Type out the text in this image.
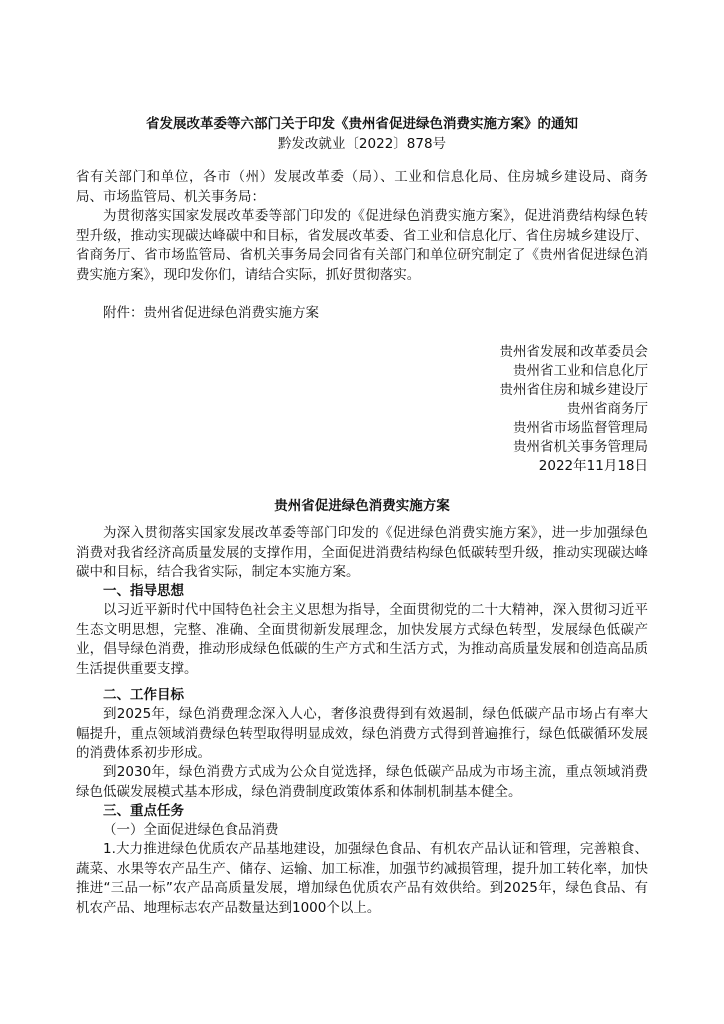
省发展改革委等六部门关于印发《贵州省促进绿色消费实施方案》的通知

黔发改就业〔2022〕878号

省有关部门和单位，各市（州）发展改革委（局）、工业和信息化局、住房城乡建设局、商务局、市场监管局、机关事务局：

为贯彻落实国家发展改革委等部门印发的《促进绿色消费实施方案》，促进消费结构绿色转型升级，推动实现碳达峰碳中和目标，省发展改革委、省工业和信息化厅、省住房城乡建设厅、省商务厅、省市场监管局、省机关事务局会同省有关部门和单位研究制定了《贵州省促进绿色消费实施方案》，现印发你们，请结合实际，抓好贯彻落实。

附件：贵州省促进绿色消费实施方案

贵州省发展和改革委员会
贵州省工业和信息化厅
贵州省住房和城乡建设厅
贵州省商务厅
贵州省市场监督管理局
贵州省机关事务管理局
2022年11月18日

贵州省促进绿色消费实施方案

为深入贯彻落实国家发展改革委等部门印发的《促进绿色消费实施方案》，进一步加强绿色消费对我省经济高质量发展的支撑作用，全面促进消费结构绿色低碳转型升级，推动实现碳达峰碳中和目标，结合我省实际，制定本实施方案。

一、指导思想

以习近平新时代中国特色社会主义思想为指导，全面贯彻党的二十大精神，深入贯彻习近平生态文明思想，完整、准确、全面贯彻新发展理念，加快发展方式绿色转型，发展绿色低碳产业，倡导绿色消费，推动形成绿色低碳的生产方式和生活方式，为推动高质量发展和创造高品质生活提供重要支撑。

二、工作目标

到2025年，绿色消费理念深入人心，奢侈浪费得到有效遏制，绿色低碳产品市场占有率大幅提升，重点领域消费绿色转型取得明显成效，绿色消费方式得到普遍推行，绿色低碳循环发展的消费体系初步形成。

到2030年，绿色消费方式成为公众自觉选择，绿色低碳产品成为市场主流，重点领域消费绿色低碳发展模式基本形成，绿色消费制度政策体系和体制机制基本健全。

三、重点任务

（一）全面促进绿色食品消费

1.大力推进绿色优质农产品基地建设，加强绿色食品、有机农产品认证和管理，完善粮食、蔬菜、水果等农产品生产、储存、运输、加工标准，加强节约减损管理，提升加工转化率，加快推进“三品一标”农产品高质量发展，增加绿色优质农产品有效供给。到2025年，绿色食品、有机农产品、地理标志农产品数量达到1000个以上。
